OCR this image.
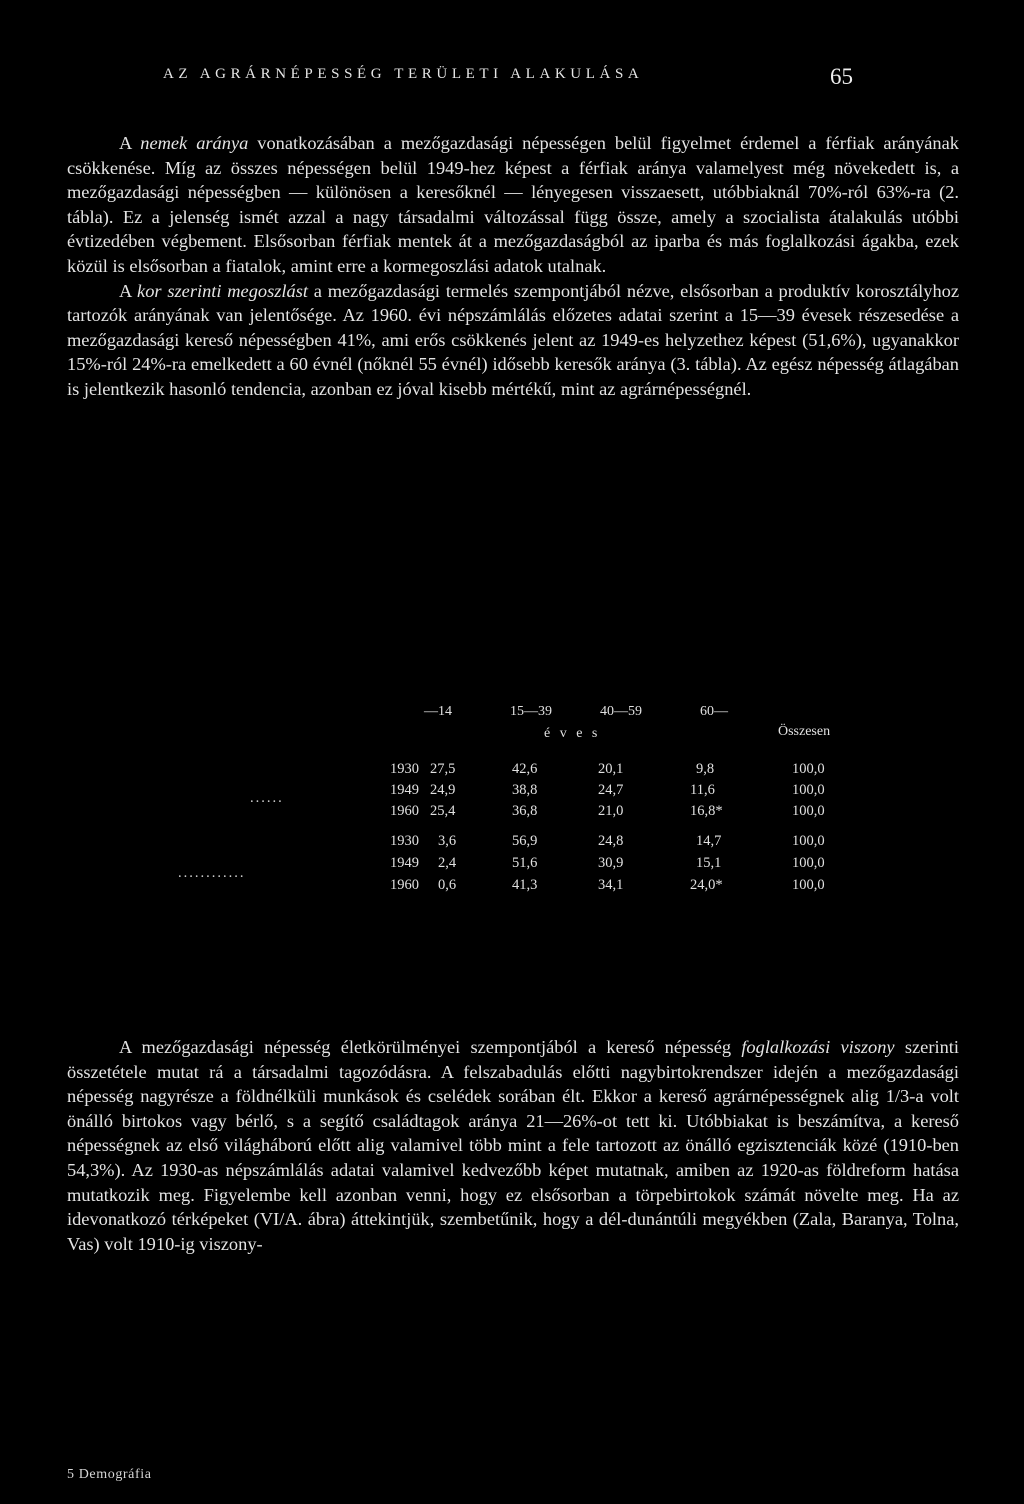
AZ AGRÁRNÉPESSÉG TERÜLETI ALAKULÁSA	65

A nemek aránya vonatkozásában a mezőgazdasági népességen belül figyelmet érdemel a férfiak arányának csökkenése. Míg az összes népességen belül 1949-hez képest a férfiak aránya valamelyest még növekedett is, a mezőgazdasági népességben — különösen a keresőknél — lényegesen visszaesett, utóbbiaknál 70%-ról 63%-ra (2. tábla). Ez a jelenség ismét azzal a nagy társadalmi változással függ össze, amely a szocialista átalakulás utóbbi évtizedében végbement. Elsősorban férfiak mentek át a mezőgazdaságból az iparba és más foglalkozási ágakba, ezek közül is elsősorban a fiatalok, amint erre a kormegoszlási adatok utalnak.

A kor szerinti megoszlást a mezőgazdasági termelés szempontjából nézve, elsősorban a produktív korosztályhoz tartozók arányának van jelentősége. Az 1960. évi népszámlálás előzetes adatai szerint a 15—39 évesek részesedése a mezőgazdasági kereső népességben 41%, ami erős csökkenés jelent az 1949-es helyzethez képest (51,6%), ugyanakkor 15%-ról 24%-ra emelkedett a 60 évnél (nőknél 55 évnél) idősebb keresők aránya (3. tábla). Az egész népesség átlagában is jelentkezik hasonló tendencia, azonban ez jóval kisebb mértékű, mint az agrárnépességnél.

—14	15—39	40—59	60—
Összesen
é v e s
......
1930 27,5	42,6	20,1	9,8	100,0
1949 24,9	38,8	24,7	11,6	100,0
1960 25,4	36,8	21,0	16,8*	100,0
............
1930 3,6	56,9	24,8	14,7	100,0
1949 2,4	51,6	30,9	15,1	100,0
1960 0,6	41,3	34,1	24,0*	100,0

A mezőgazdasági népesség életkörülményei szempontjából a kereső népesség foglalkozási viszony szerinti összetétele mutat rá a társadalmi tagozódásra. A felszabadulás előtti nagybirtokrendszer idején a mezőgazdasági népesség nagyrésze a földnélküli munkások és cselédek sorában élt. Ekkor a kereső agrárnépességnek alig 1/3-a volt önálló birtokos vagy bérlő, s a segítő családtagok aránya 21—26%-ot tett ki. Utóbbiakat is beszámítva, a kereső népességnek az első világháború előtt alig valamivel több mint a fele tartozott az önálló egzisztenciák közé (1910-ben 54,3%). Az 1930-as népszámlálás adatai valamivel kedvezőbb képet mutatnak, amiben az 1920-as földreform hatása mutatkozik meg. Figyelembe kell azonban venni, hogy ez elsősorban a törpebirtokok számát növelte meg. Ha az idevonatkozó térképeket (VI/A. ábra) áttekintjük, szembetűnik, hogy a dél-dunántúli megyékben (Zala, Baranya, Tolna, Vas) volt 1910-ig viszony-

5 Demográfia
